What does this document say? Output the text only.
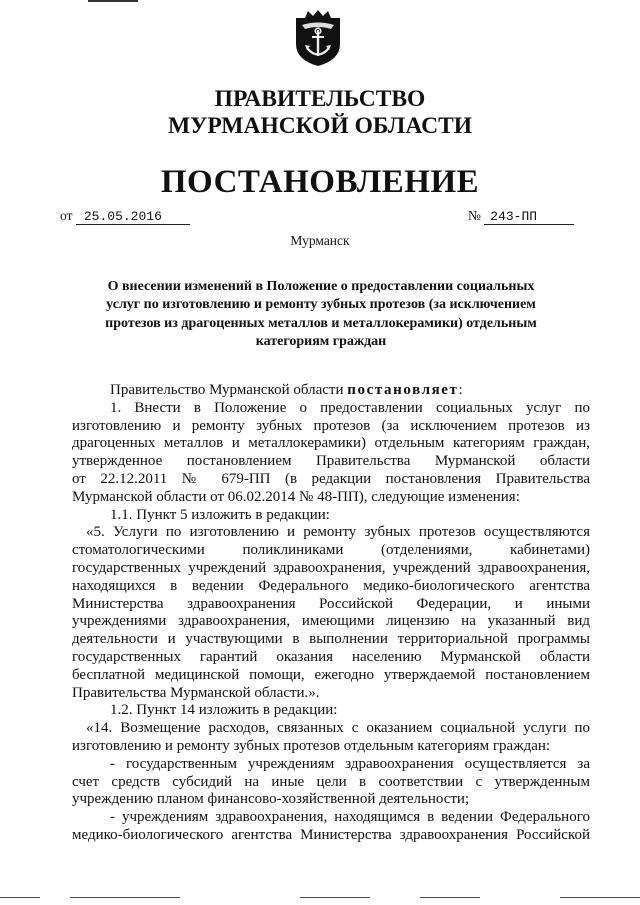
ПРАВИТЕЛЬСТВО
МУРМАНСКОЙ ОБЛАСТИ
ПОСТАНОВЛЕНИЕ
от 25.05.2016	№ 243-ПП
Мурманск
О внесении изменений в Положение о предоставлении социальных
услуг по изготовлению и ремонту зубных протезов (за исключением
протезов из драгоценных металлов и металлокерамики) отдельным
категориям граждан

Правительство Мурманской области постановляет:

1. Внести в Положение о предоставлении социальных услуг по

изготовлению и ремонту зубных протезов (за исключением протезов из

драгоценных металлов и металлокерамики) отдельным категориям граждан,

утвержденное постановлением Правительства Мурманской области

от 22.12.2011 № 679-ПП (в редакции постановления Правительства

Мурманской области от 06.02.2014 № 48-ПП), следующие изменения:

1.1. Пункт 5 изложить в редакции:

«5. Услуги по изготовлению и ремонту зубных протезов осуществляются

стоматологическими поликлиниками (отделениями, кабинетами)

государственных учреждений здравоохранения, учреждений здравоохранения,

находящихся в ведении Федерального медико-биологического агентства

Министерства здравоохранения Российской Федерации, и иными

учреждениями здравоохранения, имеющими лицензию на указанный вид

деятельности и участвующими в выполнении территориальной программы

государственных гарантий оказания населению Мурманской области

бесплатной медицинской помощи, ежегодно утверждаемой постановлением

Правительства Мурманской области.».

1.2. Пункт 14 изложить в редакции:

«14. Возмещение расходов, связанных с оказанием социальной услуги по

изготовлению и ремонту зубных протезов отдельным категориям граждан:

- государственным учреждениям здравоохранения осуществляется за

счет средств субсидий на иные цели в соответствии с утвержденным

учреждению планом финансово-хозяйственной деятельности;

- учреждениям здравоохранения, находящимся в ведении Федерального

медико-биологического агентства Министерства здравоохранения Российской
